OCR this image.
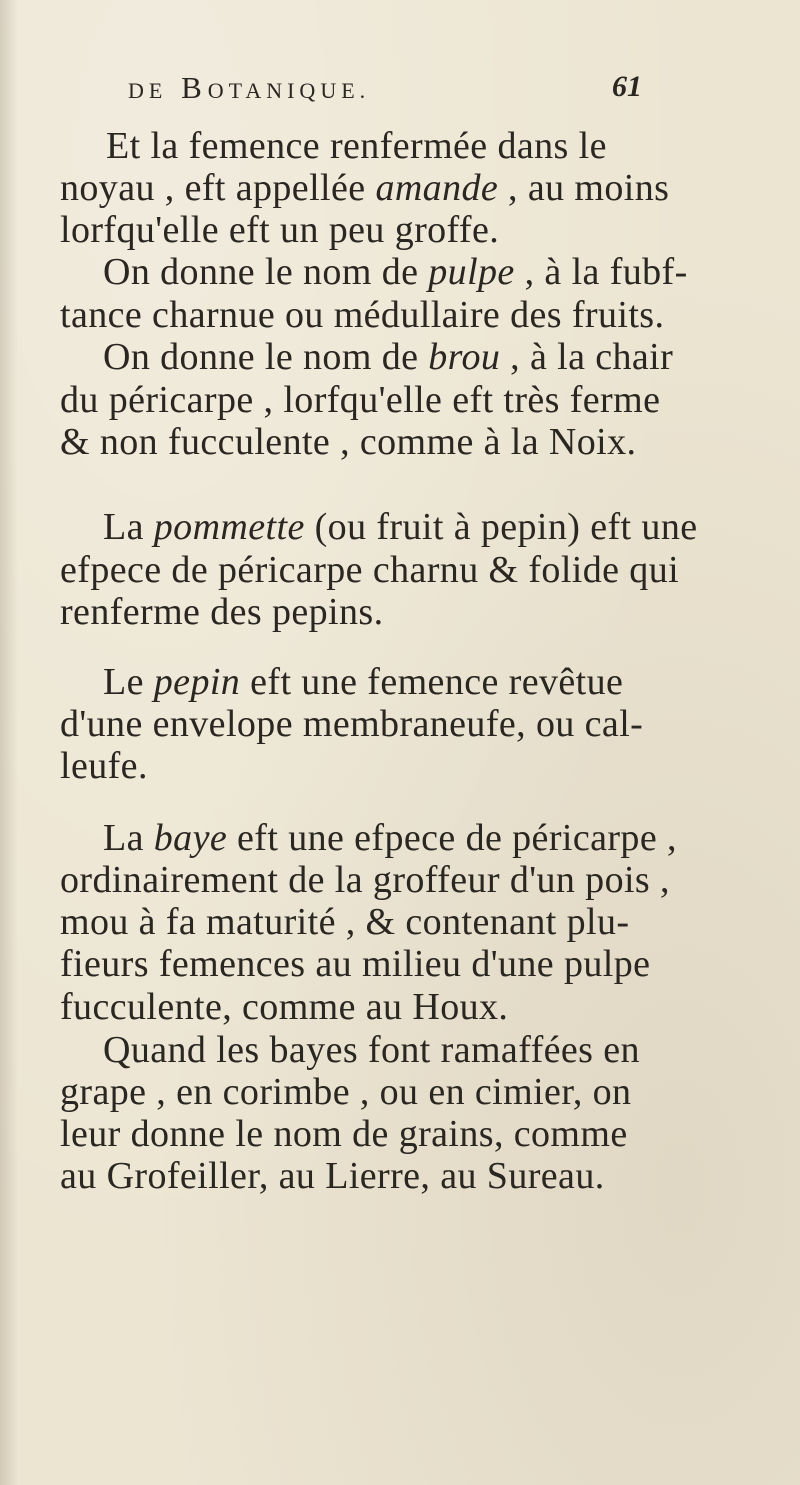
DE BOTANIQUE.	61
Et la femence renfermée dans le
noyau , eft appellée amande , au moins
lorfqu'elle eft un peu groffe.
On donne le nom de pulpe , à la fubf-
tance charnue ou médullaire des fruits.
On donne le nom de brou , à la chair
du péricarpe , lorfqu'elle eft très ferme
& non fucculente , comme à la Noix.
La pommette (ou fruit à pepin) eft une
efpece de péricarpe charnu & folide qui
renferme des pepins.
Le pepin eft une femence revêtue
d'une envelope membraneufe, ou cal-
leufe.
La baye eft une efpece de péricarpe ,
ordinairement de la groffeur d'un pois ,
mou à fa maturité , & contenant plu-
fieurs femences au milieu d'une pulpe
fucculente, comme au Houx.
Quand les bayes font ramaffées en
grape , en corimbe , ou en cimier, on
leur donne le nom de grains, comme
au Grofeiller, au Lierre, au Sureau.
